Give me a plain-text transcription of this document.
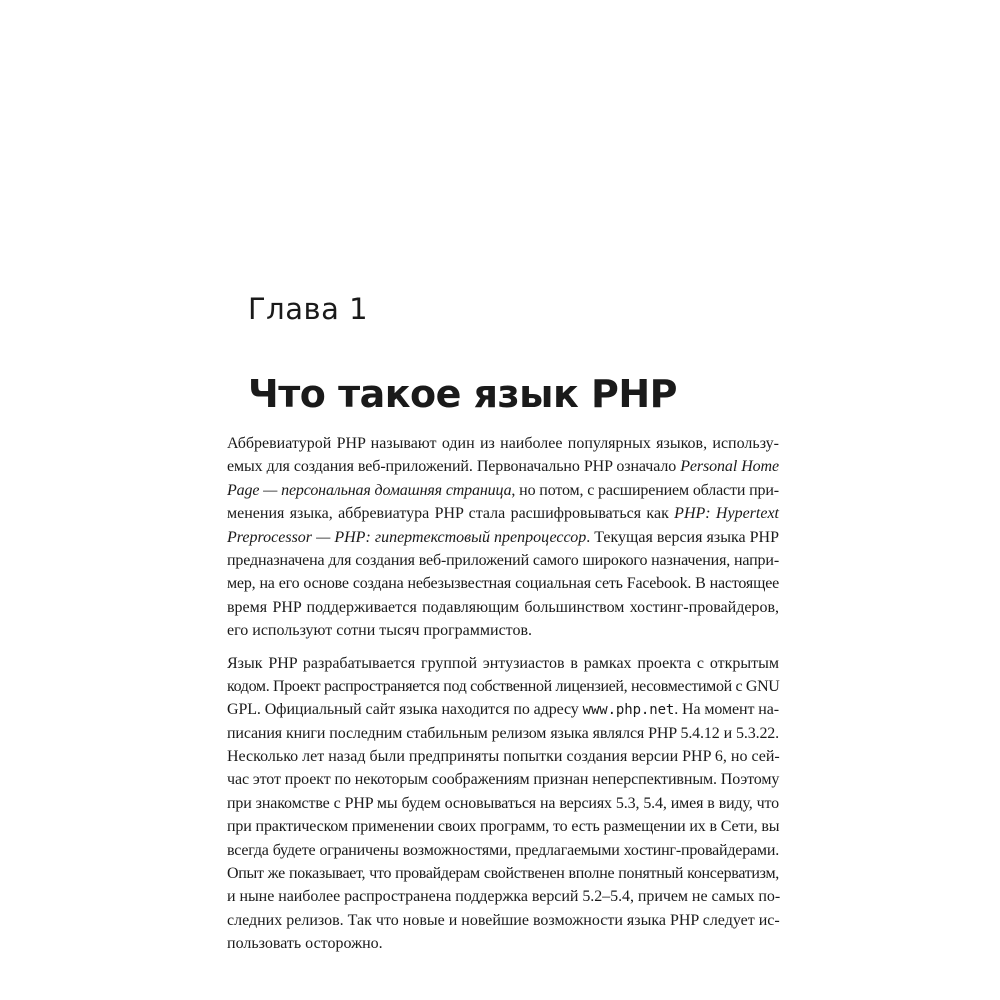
Глава 1
Что такое язык PHP
Аббревиатурой PHP называют один из наиболее популярных языков, использу-
емых для создания веб-приложений. Первоначально PHP означало Personal Home
Page — персональная домашняя страница, но потом, с расширением области при-
менения языка, аббревиатура PHP стала расшифровываться как PHP: Hypertext
Preprocessor — PHP: гипертекстовый препроцессор. Текущая версия языка PHP
предназначена для создания веб-приложений самого широкого назначения, напри-
мер, на его основе создана небезызвестная социальная сеть Facebook. В настоящее
время PHP поддерживается подавляющим большинством хостинг-провайдеров,
его используют сотни тысяч программистов.
Язык PHP разрабатывается группой энтузиастов в рамках проекта с открытым
кодом. Проект распространяется под собственной лицензией, несовместимой с GNU
GPL. Официальный сайт языка находится по адресу www.php.net. На момент на-
писания книги последним стабильным релизом языка являлся PHP 5.4.12 и 5.3.22.
Несколько лет назад были предприняты попытки создания версии PHP 6, но сей-
час этот проект по некоторым соображениям признан неперспективным. Поэтому
при знакомстве с PHP мы будем основываться на версиях 5.3, 5.4, имея в виду, что
при практическом применении своих программ, то есть размещении их в Сети, вы
всегда будете ограничены возможностями, предлагаемыми хостинг-провайдерами.
Опыт же показывает, что провайдерам свойственен вполне понятный консерватизм,
и ныне наиболее распространена поддержка версий 5.2–5.4, причем не самых по-
следних релизов. Так что новые и новейшие возможности языка PHP следует ис-
пользовать осторожно.
